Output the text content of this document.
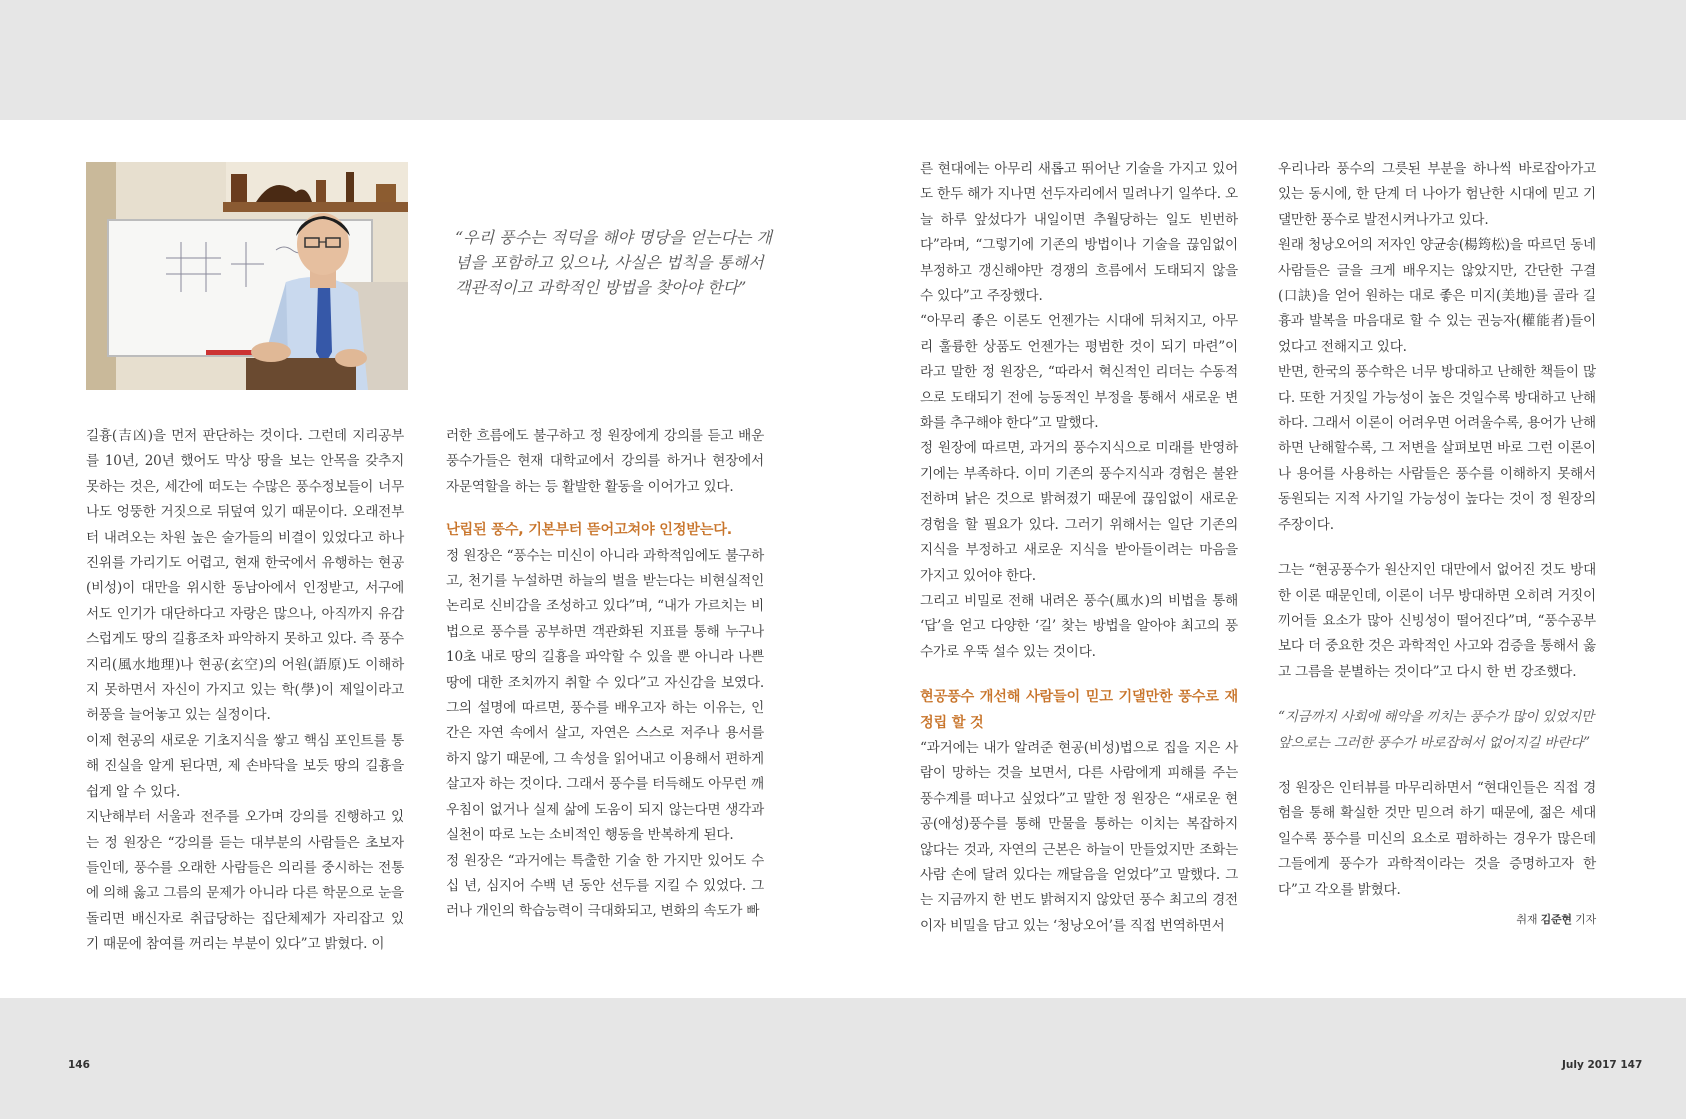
“우리 풍수는 적덕을 해야 명당을 얻는다는 개념을 포함하고 있으나, 사실은 법칙을 통해서 객관적이고 과학적인 방법을 찾아야 한다”

길흉(吉凶)을 먼저 판단하는 것이다. 그런데 지리공부를 10년, 20년 했어도 막상 땅을 보는 안목을 갖추지 못하는 것은, 세간에 떠도는 수많은 풍수정보들이 너무나도 엉뚱한 거짓으로 뒤덮여 있기 때문이다. 오래전부터 내려오는 차원 높은 술가들의 비결이 있었다고 하나 진위를 가리기도 어렵고, 현재 한국에서 유행하는 현공(비성)이 대만을 위시한 동남아에서 인정받고, 서구에서도 인기가 대단하다고 자랑은 많으나, 아직까지 유감스럽게도 땅의 길흉조차 파악하지 못하고 있다. 즉 풍수지리(風水地理)나 현공(玄空)의 어원(語原)도 이해하지 못하면서 자신이 가지고 있는 학(學)이 제일이라고 허풍을 늘어놓고 있는 실정이다.

이제 현공의 새로운 기초지식을 쌓고 핵심 포인트를 통해 진실을 알게 된다면, 제 손바닥을 보듯 땅의 길흉을 쉽게 알 수 있다.

지난해부터 서울과 전주를 오가며 강의를 진행하고 있는 정 원장은 “강의를 듣는 대부분의 사람들은 초보자들인데, 풍수를 오래한 사람들은 의리를 중시하는 전통에 의해 옳고 그름의 문제가 아니라 다른 학문으로 눈을 돌리면 배신자로 취급당하는 집단체제가 자리잡고 있기 때문에 참여를 꺼리는 부분이 있다”고 밝혔다. 이

러한 흐름에도 불구하고 정 원장에게 강의를 듣고 배운 풍수가들은 현재 대학교에서 강의를 하거나 현장에서 자문역할을 하는 등 활발한 활동을 이어가고 있다.

난립된 풍수, 기본부터 뜯어고쳐야 인정받는다.

정 원장은 “풍수는 미신이 아니라 과학적임에도 불구하고, 천기를 누설하면 하늘의 벌을 받는다는 비현실적인 논리로 신비감을 조성하고 있다”며, “내가 가르치는 비법으로 풍수를 공부하면 객관화된 지표를 통해 누구나 10초 내로 땅의 길흉을 파악할 수 있을 뿐 아니라 나쁜 땅에 대한 조치까지 취할 수 있다”고 자신감을 보였다. 그의 설명에 따르면, 풍수를 배우고자 하는 이유는, 인간은 자연 속에서 살고, 자연은 스스로 저주나 용서를 하지 않기 때문에, 그 속성을 읽어내고 이용해서 편하게 살고자 하는 것이다. 그래서 풍수를 터득해도 아무런 깨우침이 없거나 실제 삶에 도움이 되지 않는다면 생각과 실천이 따로 노는 소비적인 행동을 반복하게 된다.

정 원장은 “과거에는 특출한 기술 한 가지만 있어도 수십 년, 심지어 수백 년 동안 선두를 지킬 수 있었다. 그러나 개인의 학습능력이 극대화되고, 변화의 속도가 빠

른 현대에는 아무리 새롭고 뛰어난 기술을 가지고 있어도 한두 해가 지나면 선두자리에서 밀려나기 일쑤다. 오늘 하루 앞섰다가 내일이면 추월당하는 일도 빈번하다”라며, “그렇기에 기존의 방법이나 기술을 끊임없이 부정하고 갱신해야만 경쟁의 흐름에서 도태되지 않을 수 있다”고 주장했다.

“아무리 좋은 이론도 언젠가는 시대에 뒤처지고, 아무리 훌륭한 상품도 언젠가는 평범한 것이 되기 마련”이라고 말한 정 원장은, “따라서 혁신적인 리더는 수동적으로 도태되기 전에 능동적인 부정을 통해서 새로운 변화를 추구해야 한다”고 말했다.

정 원장에 따르면, 과거의 풍수지식으로 미래를 반영하기에는 부족하다. 이미 기존의 풍수지식과 경험은 불완전하며 낡은 것으로 밝혀졌기 때문에 끊임없이 새로운 경험을 할 필요가 있다. 그러기 위해서는 일단 기존의 지식을 부정하고 새로운 지식을 받아들이려는 마음을 가지고 있어야 한다.

그리고 비밀로 전해 내려온 풍수(風水)의 비법을 통해 ‘답’을 얻고 다양한 ‘길’ 찾는 방법을 알아야 최고의 풍수가로 우뚝 설수 있는 것이다.

현공풍수 개선해 사람들이 믿고 기댈만한 풍수로 재정립 할 것

“과거에는 내가 알려준 현공(비성)법으로 집을 지은 사람이 망하는 것을 보면서, 다른 사람에게 피해를 주는 풍수계를 떠나고 싶었다”고 말한 정 원장은 “새로운 현공(애성)풍수를 통해 만물을 통하는 이치는 복잡하지 않다는 것과, 자연의 근본은 하늘이 만들었지만 조화는 사람 손에 달려 있다는 깨달음을 얻었다”고 말했다. 그는 지금까지 한 번도 밝혀지지 않았던 풍수 최고의 경전이자 비밀을 담고 있는 ‘청낭오어’를 직접 번역하면서

우리나라 풍수의 그릇된 부분을 하나씩 바로잡아가고 있는 동시에, 한 단계 더 나아가 험난한 시대에 믿고 기댈만한 풍수로 발전시켜나가고 있다.

원래 청낭오어의 저자인 양균송(楊筠松)을 따르던 동네 사람들은 글을 크게 배우지는 않았지만, 간단한 구결(口訣)을 얻어 원하는 대로 좋은 미지(美地)를 골라 길흉과 발복을 마음대로 할 수 있는 권능자(權能者)들이었다고 전해지고 있다.

반면, 한국의 풍수학은 너무 방대하고 난해한 책들이 많다. 또한 거짓일 가능성이 높은 것일수록 방대하고 난해하다. 그래서 이론이 어려우면 어려울수록, 용어가 난해하면 난해할수록, 그 저변을 살펴보면 바로 그런 이론이나 용어를 사용하는 사람들은 풍수를 이해하지 못해서 동원되는 지적 사기일 가능성이 높다는 것이 정 원장의 주장이다.

그는 “현공풍수가 원산지인 대만에서 없어진 것도 방대한 이론 때문인데, 이론이 너무 방대하면 오히려 거짓이 끼어들 요소가 많아 신빙성이 떨어진다”며, “풍수공부보다 더 중요한 것은 과학적인 사고와 검증을 통해서 옳고 그름을 분별하는 것이다”고 다시 한 번 강조했다.

“지금까지 사회에 해악을 끼치는 풍수가 많이 있었지만 앞으로는 그러한 풍수가 바로잡혀서 없어지길 바란다”

정 원장은 인터뷰를 마무리하면서 “현대인들은 직접 경험을 통해 확실한 것만 믿으려 하기 때문에, 젊은 세대일수록 풍수를 미신의 요소로 폄하하는 경우가 많은데 그들에게 풍수가 과학적이라는 것을 증명하고자 한다”고 각오를 밝혔다.

취재 김준현 기자
146	July 2017 147
